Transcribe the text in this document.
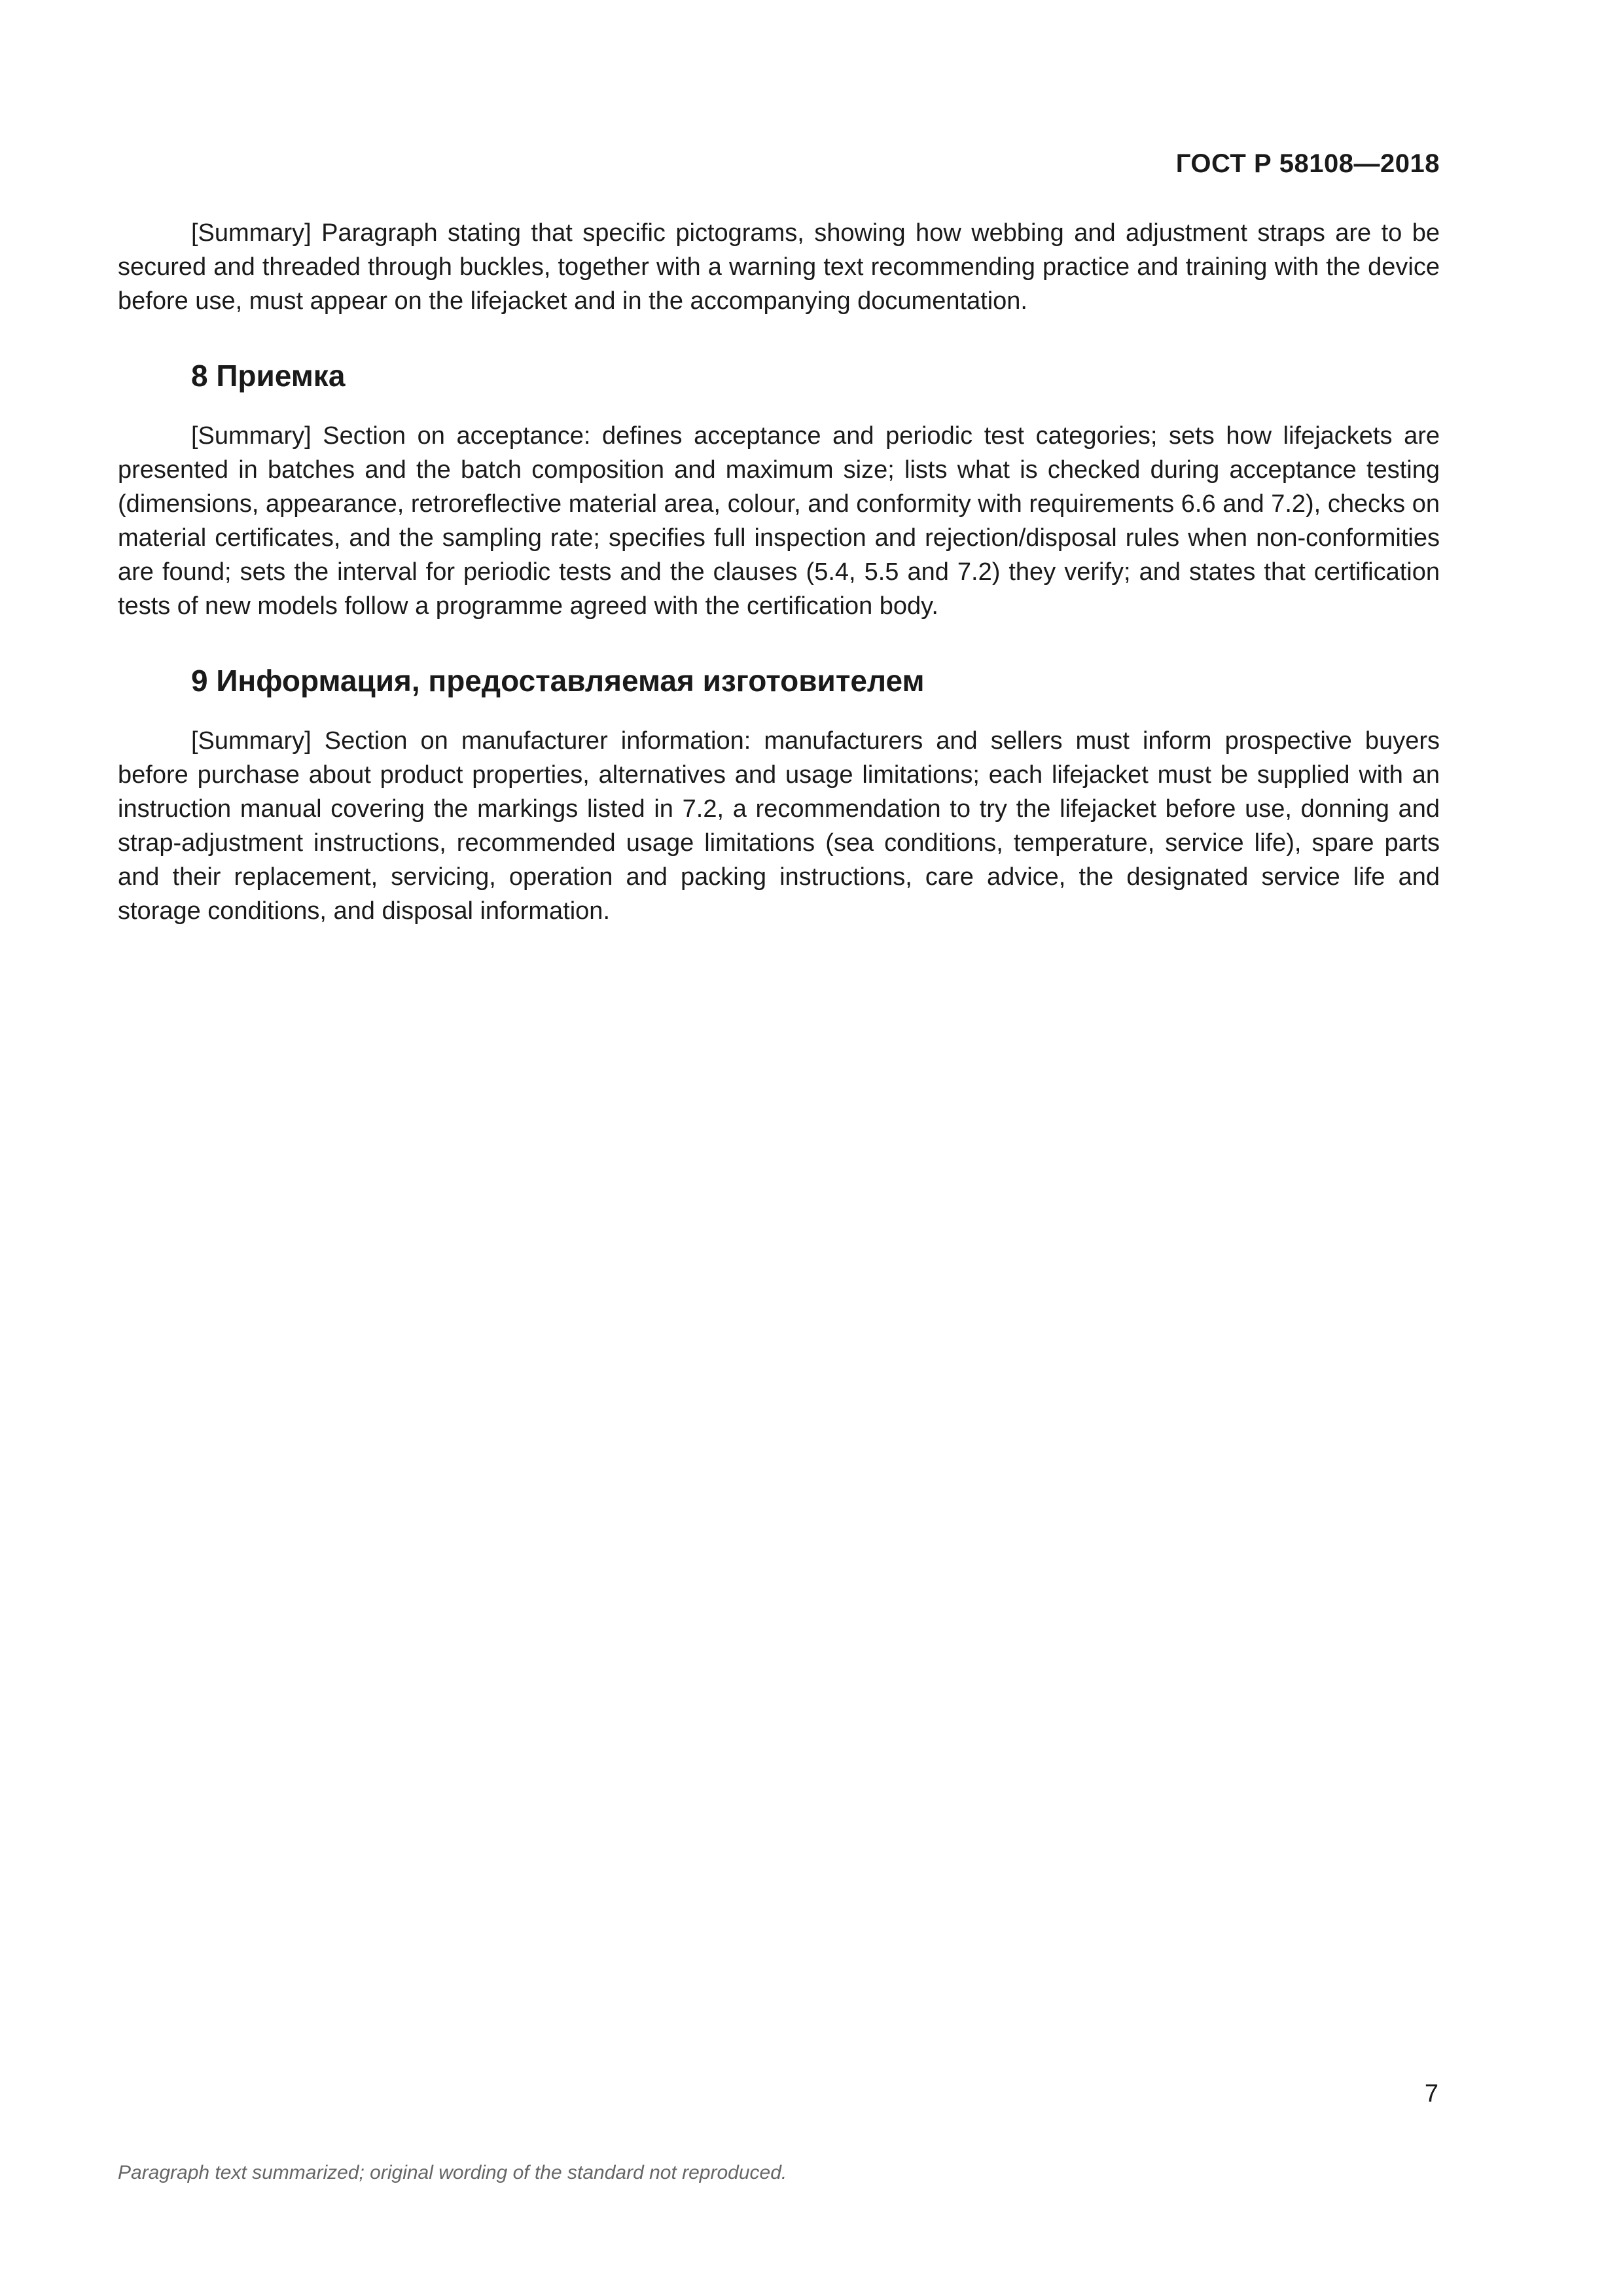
ГОСТ Р 58108—2018

[Summary] Paragraph stating that specific pictograms, showing how webbing and adjustment straps are to be secured and threaded through buckles, together with a warning text recommending practice and training with the device before use, must appear on the lifejacket and in the accompanying documentation.

8 Приемка

[Summary] Section on acceptance: defines acceptance and periodic test categories; sets how lifejackets are presented in batches and the batch composition and maximum size; lists what is checked during acceptance testing (dimensions, appearance, retroreflective material area, colour, and conformity with requirements 6.6 and 7.2), checks on material certificates, and the sampling rate; specifies full inspection and rejection/disposal rules when non-conformities are found; sets the interval for periodic tests and the clauses (5.4, 5.5 and 7.2) they verify; and states that certification tests of new models follow a programme agreed with the certification body.

9 Информация, предоставляемая изготовителем

[Summary] Section on manufacturer information: manufacturers and sellers must inform prospective buyers before purchase about product properties, alternatives and usage limitations; each lifejacket must be supplied with an instruction manual covering the markings listed in 7.2, a recommendation to try the lifejacket before use, donning and strap-adjustment instructions, recommended usage limitations (sea conditions, temperature, service life), spare parts and their replacement, servicing, operation and packing instructions, care advice, the designated service life and storage conditions, and disposal information.

7
Paragraph text summarized; original wording of the standard not reproduced.
